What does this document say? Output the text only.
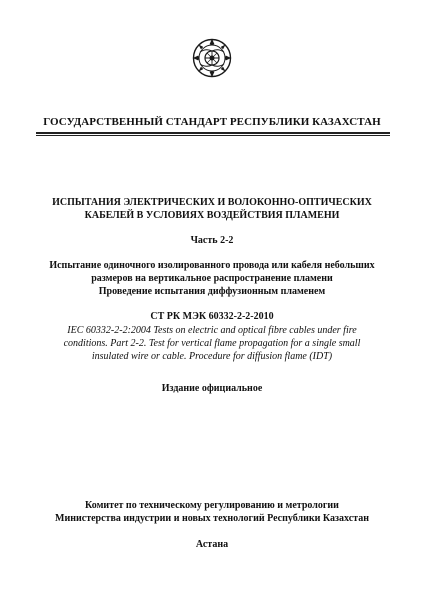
ГОСУДАРСТВЕННЫЙ СТАНДАРТ РЕСПУБЛИКИ КАЗАХСТАН
ИСПЫТАНИЯ ЭЛЕКТРИЧЕСКИХ И ВОЛОКОННО-ОПТИЧЕСКИХ
КАБЕЛЕЙ В УСЛОВИЯХ ВОЗДЕЙСТВИЯ ПЛАМЕНИ
Часть 2-2
Испытание одиночного изолированного провода или кабеля небольших
размеров на вертикальное распространение пламени
Проведение испытания диффузионным пламенем
СТ РК МЭК 60332-2-2-2010
IEC 60332-2-2:2004 Tests on electric and optical fibre cables under fire
conditions. Part 2-2. Test for vertical flame propagation for a single small
insulated wire or cable. Procedure for diffusion flame (IDT)
Издание официальное
Комитет по техническому регулированию и метрологии
Министерства индустрии и новых технологий Республики Казахстан
Астана
